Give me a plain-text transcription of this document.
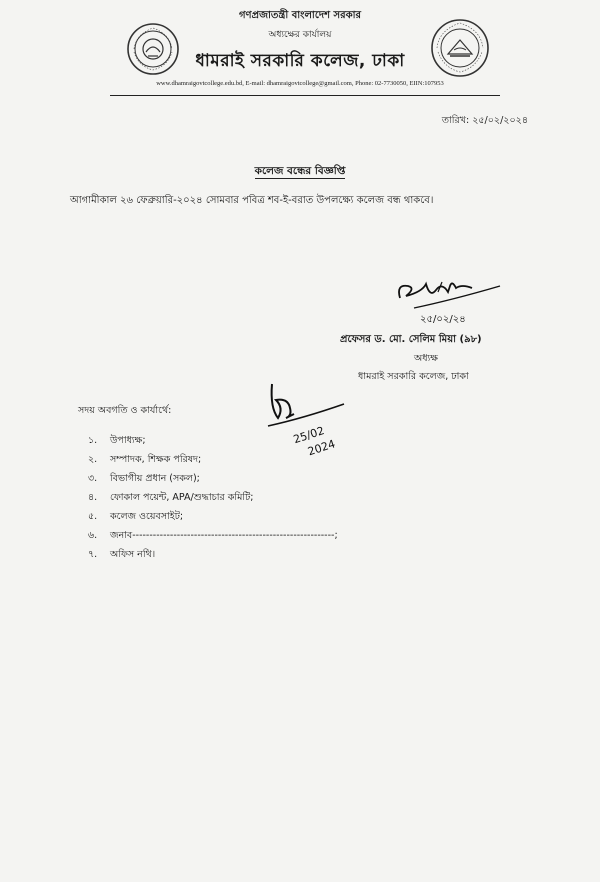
গণপ্রজাতন্ত্রী বাংলাদেশ সরকার
অধ্যক্ষের কার্যালয়
ধামরাই সরকারি কলেজ, ঢাকা
www.dhamraigovtcollege.edu.bd, E-mail: dhamraigovtcollege@gmail.com, Phone: 02-7730050, EIIN:107953
তারিখ: ২৫/০২/২০২৪
কলেজ বন্ধের বিজ্ঞপ্তি
আগামীকাল ২৬ ফেব্রুয়ারি-২০২৪ সোমবার পবিত্র শব-ই-বরাত উপলক্ষ্যে কলেজ বন্ধ থাকবে।
২৫/০২/২৪
প্রফেসর ড. মো. সেলিম মিয়া (৯৮)
অধ্যক্ষ
ধামরাই সরকারি কলেজ, ঢাকা
সদয় অবগতি ও কার্যার্থে:
25/02
2024
১.	উপাধ্যক্ষ;
২.	সম্পাদক, শিক্ষক পরিষদ;
৩.	বিভাগীয় প্রধান (সকল);
৪.	ফোকাল পয়েন্ট, APA/শুদ্ধাচার কমিটি;
৫.	কলেজ ওয়েবসাইট;
৬.	জনাব-----------------------------------------------------------;
৭.	অফিস নথি।
